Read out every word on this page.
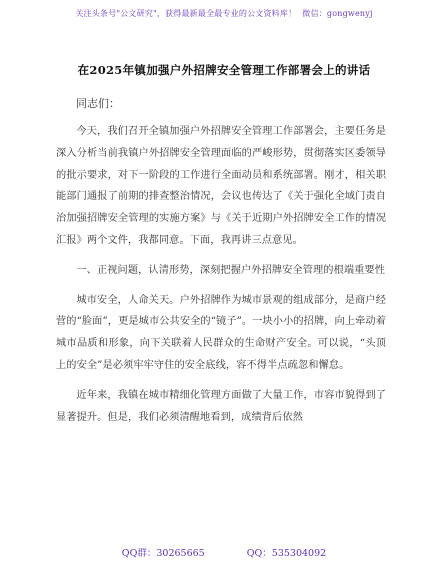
关注头条号"公文研究"，获得最新最全最专业的公文资料库！ 微信：gongwenyj
在2025年镇加强户外招牌安全管理工作部署会上的讲话
同志们：

今天，我们召开全镇加强户外招牌安全管理工作部署会，主要任务是深入分析当前我镇户外招牌安全管理面临的严峻形势，贯彻落实区委领导的批示要求，对下一阶段的工作进行全面动员和系统部署。刚才，相关职能部门通报了前期的排查整治情况，会议也传达了《关于强化全域门责自治加强招牌安全管理的实施方案》与《关于近期户外招牌安全工作的情况汇报》两个文件，我都同意。下面，我再讲三点意见。

一、正视问题，认清形势，深刻把握户外招牌安全管理的根端重要性

城市安全，人命关天。户外招牌作为城市景观的组成部分，是商户经营的“脸面”，更是城市公共安全的“镜子”。一块小小的招牌，向上牵动着城市品质和形象，向下关联着人民群众的生命财产安全。可以说，“头顶上的安全”是必须牢牢守住的安全底线，容不得半点疏忽和懈怠。

近年来，我镇在城市精细化管理方面做了大量工作，市容市貌得到了显著提升。但是，我们必须清醒地看到，成绩背后依然

QQ群：30265665	QQ：535304092
